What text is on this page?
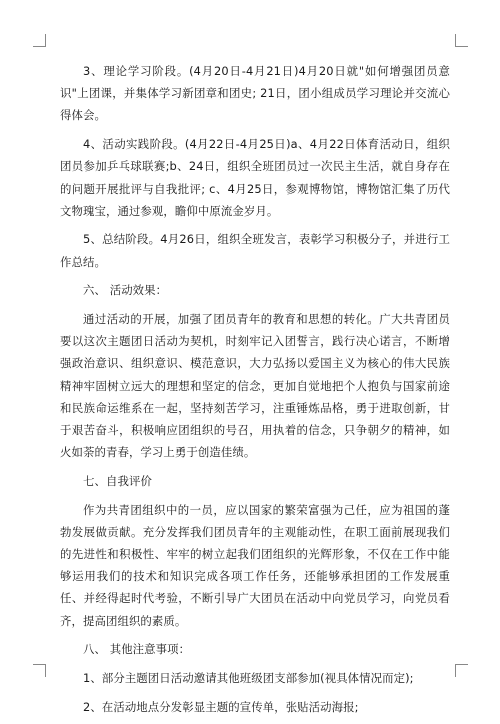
3、理论学习阶段。(4月20日-4月21日)4月20日就"如何增强团员意识"上团课，并集体学习新团章和团史; 21日，团小组成员学习理论并交流心得体会。

4、活动实践阶段。(4月22日-4月25日)a、4月22日体育活动日，组织团员参加乒乓球联赛;b、24日，组织全班团员过一次民主生活，就自身存在的问题开展批评与自我批评; c、4月25日，参观博物馆，博物馆汇集了历代文物瑰宝，通过参观，瞻仰中原流金岁月。

5、总结阶段。4月26日，组织全班发言，表彰学习积极分子，并进行工作总结。

六、 活动效果：

通过活动的开展，加强了团员青年的教育和思想的转化。广大共青团员要以这次主题团日活动为契机，时刻牢记入团誓言，践行决心诺言，不断增强政治意识、组织意识、模范意识，大力弘扬以爱国主义为核心的伟大民族精神牢固树立远大的理想和坚定的信念，更加自觉地把个人抱负与国家前途和民族命运维系在一起，坚持刻苦学习，注重锤炼品格，勇于进取创新，甘于艰苦奋斗，积极响应团组织的号召，用执着的信念，只争朝夕的精神，如火如荼的青春，学习上勇于创造佳绩。

七、自我评价

作为共青团组织中的一员，应以国家的繁荣富强为己任，应为祖国的蓬勃发展做贡献。充分发挥我们团员青年的主观能动性，在职工面前展现我们的先进性和积极性、牢牢的树立起我们团组织的光辉形象，不仅在工作中能够运用我们的技术和知识完成各项工作任务，还能够承担团的工作发展重任、并经得起时代考验，不断引导广大团员在活动中向党员学习，向党员看齐，提高团组织的素质。

八、 其他注意事项：

1、部分主题团日活动邀请其他班级团支部参加(视具体情况而定);

2、在活动地点分发彰显主题的宣传单，张贴活动海报;
